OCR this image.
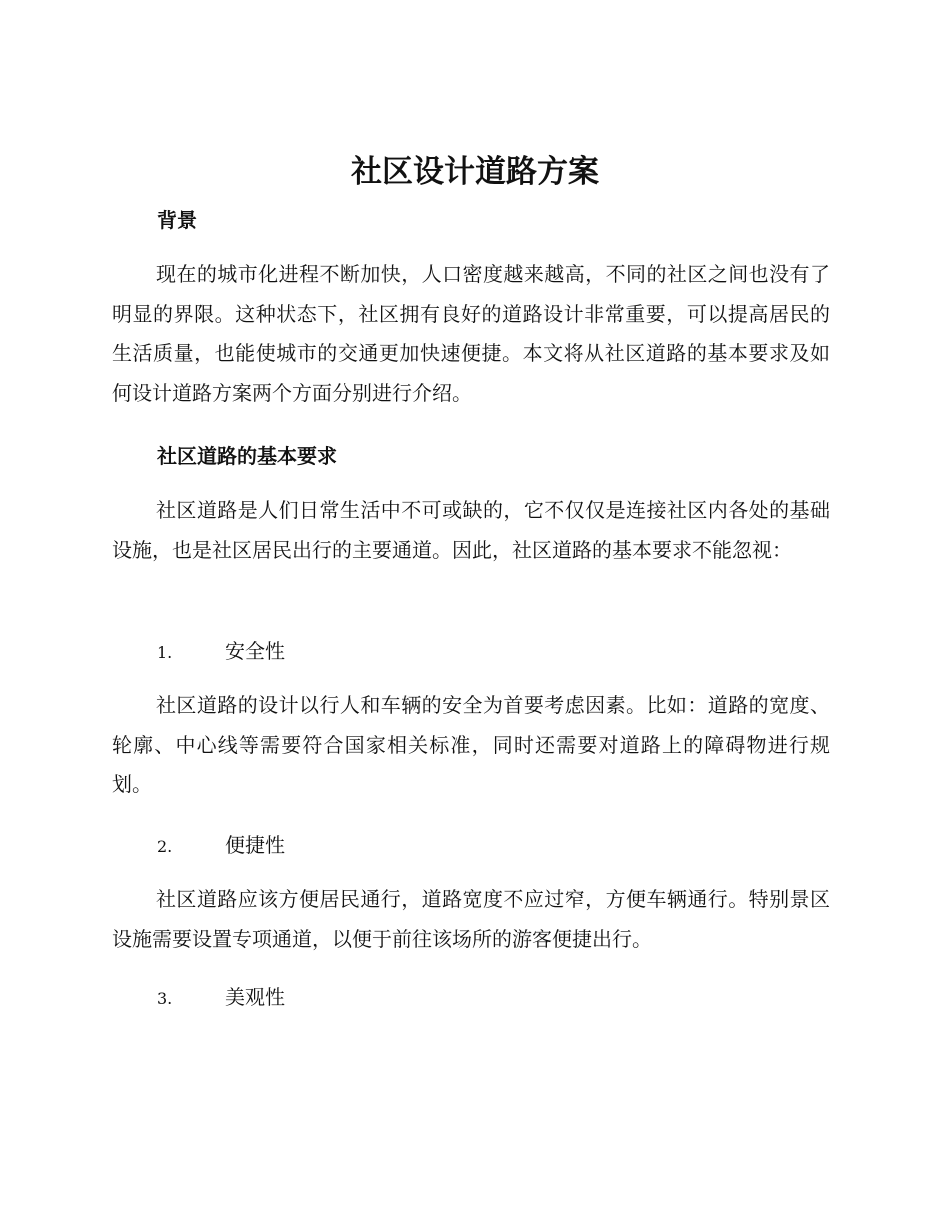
社区设计道路方案
背景

现在的城市化进程不断加快，人口密度越来越高，不同的社区之间也没有了明显的界限。这种状态下，社区拥有良好的道路设计非常重要，可以提高居民的生活质量，也能使城市的交通更加快速便捷。本文将从社区道路的基本要求及如何设计道路方案两个方面分别进行介绍。

社区道路的基本要求

社区道路是人们日常生活中不可或缺的，它不仅仅是连接社区内各处的基础设施，也是社区居民出行的主要通道。因此，社区道路的基本要求不能忽视：

1.	安全性

社区道路的设计以行人和车辆的安全为首要考虑因素。比如：道路的宽度、轮廓、中心线等需要符合国家相关标准，同时还需要对道路上的障碍物进行规划。

2.	便捷性

社区道路应该方便居民通行，道路宽度不应过窄，方便车辆通行。特别景区设施需要设置专项通道，以便于前往该场所的游客便捷出行。

3.	美观性
